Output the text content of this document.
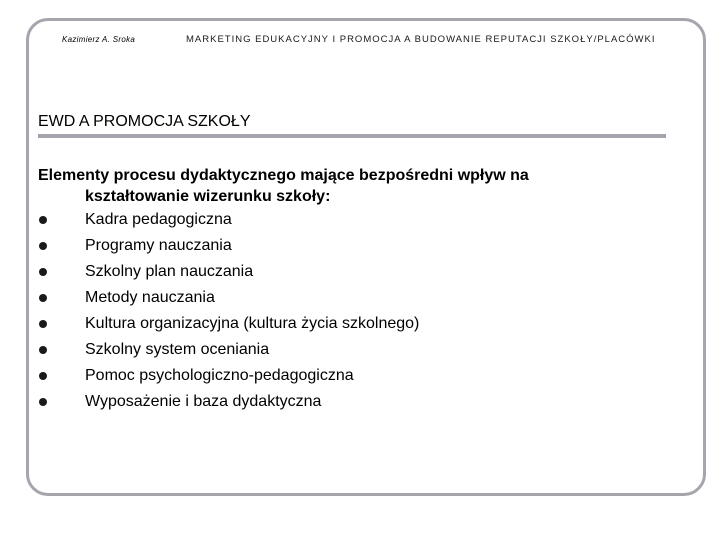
Kazimierz A. Sroka	MARKETING EDUKACYJNY I PROMOCJA A BUDOWANIE REPUTACJI SZKOŁY/PLACÓWKI
EWD A PROMOCJA SZKOŁY
Elementy procesu dydaktycznego mające bezpośredni wpływ na
kształtowanie wizerunku szkoły:
Kadra pedagogiczna
Programy nauczania
Szkolny plan nauczania
Metody nauczania
Kultura organizacyjna (kultura życia szkolnego)
Szkolny system oceniania
Pomoc psychologiczno-pedagogiczna
Wyposażenie i baza dydaktyczna
